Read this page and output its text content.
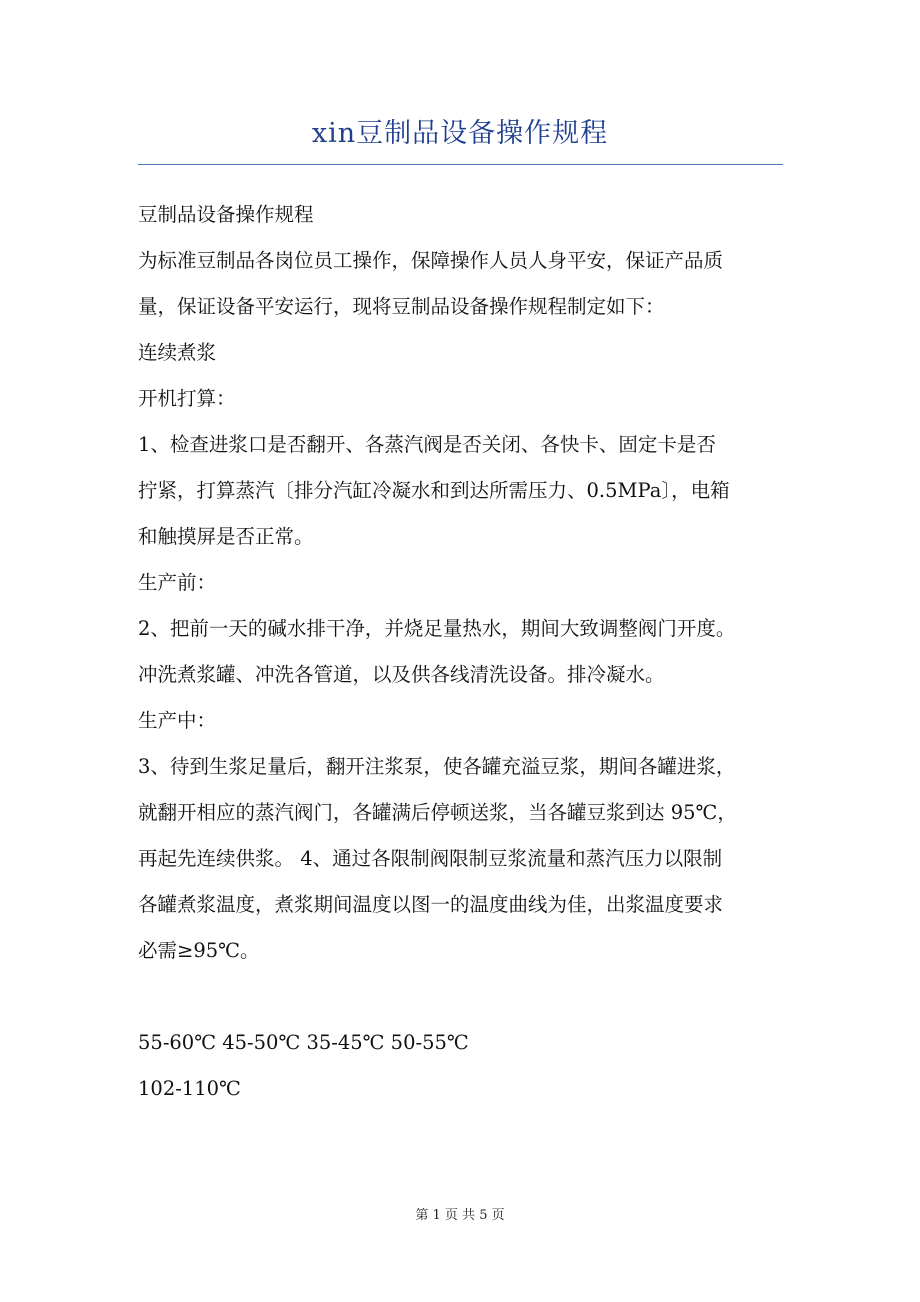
xin豆制品设备操作规程
豆制品设备操作规程
为标准豆制品各岗位员工操作，保障操作人员人身平安，保证产品质
量，保证设备平安运行，现将豆制品设备操作规程制定如下：
连续煮浆
开机打算：
1、检查进浆口是否翻开、各蒸汽阀是否关闭、各快卡、固定卡是否
拧紧，打算蒸汽〔排分汽缸冷凝水和到达所需压力、0.5MPa〕，电箱
和触摸屏是否正常。
生产前：
2、把前一天的碱水排干净，并烧足量热水，期间大致调整阀门开度。
冲洗煮浆罐、冲洗各管道，以及供各线清洗设备。排冷凝水。
生产中：
3、待到生浆足量后，翻开注浆泵，使各罐充溢豆浆，期间各罐进浆，
就翻开相应的蒸汽阀门，各罐满后停顿送浆，当各罐豆浆到达 95℃，
再起先连续供浆。 4、通过各限制阀限制豆浆流量和蒸汽压力以限制
各罐煮浆温度，煮浆期间温度以图一的温度曲线为佳，出浆温度要求
必需≥95℃。
55-60℃ 45-50℃ 35-45℃ 50-55℃
102-110℃
第 1 页 共 5 页
